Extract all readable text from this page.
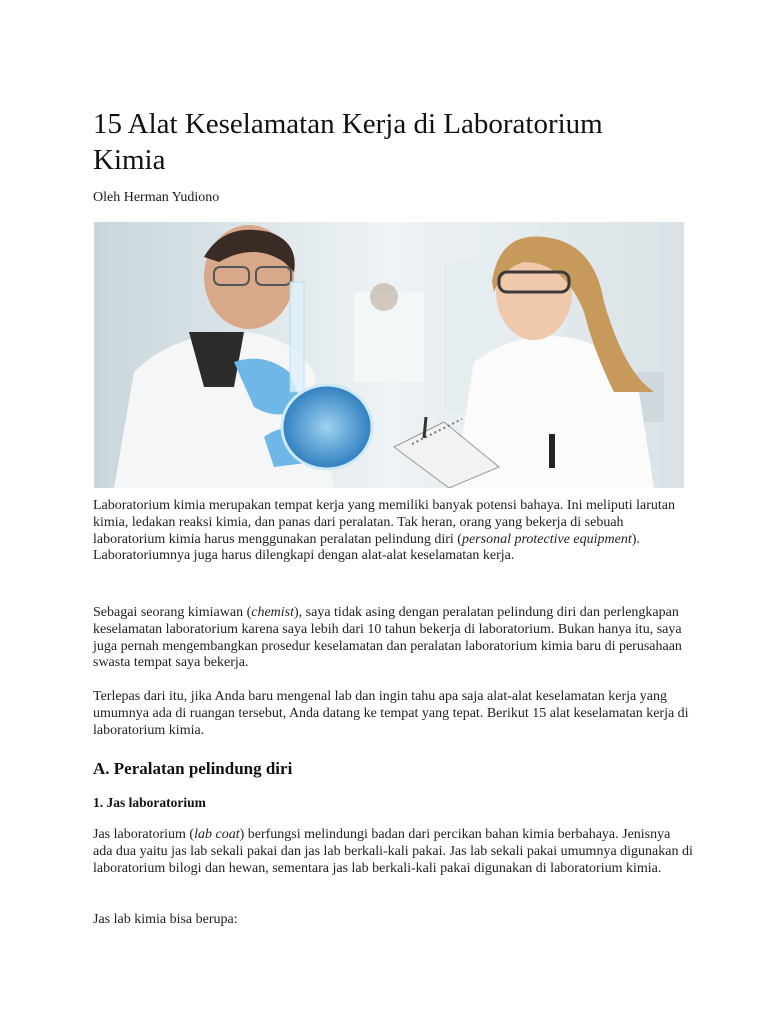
15 Alat Keselamatan Kerja di Laboratorium Kimia

Oleh Herman Yudiono

Laboratorium kimia merupakan tempat kerja yang memiliki banyak potensi bahaya. Ini meliputi larutan kimia, ledakan reaksi kimia, dan panas dari peralatan. Tak heran, orang yang bekerja di sebuah laboratorium kimia harus menggunakan peralatan pelindung diri (personal protective equipment). Laboratoriumnya juga harus dilengkapi dengan alat-alat keselamatan kerja.

Sebagai seorang kimiawan (chemist), saya tidak asing dengan peralatan pelindung diri dan perlengkapan keselamatan laboratorium karena saya lebih dari 10 tahun bekerja di laboratorium. Bukan hanya itu, saya juga pernah mengembangkan prosedur keselamatan dan peralatan laboratorium kimia baru di perusahaan swasta tempat saya bekerja.

Terlepas dari itu, jika Anda baru mengenal lab dan ingin tahu apa saja alat-alat keselamatan kerja yang umumnya ada di ruangan tersebut, Anda datang ke tempat yang tepat. Berikut 15 alat keselamatan kerja di laboratorium kimia.

A. Peralatan pelindung diri
1. Jas laboratorium

Jas laboratorium (lab coat) berfungsi melindungi badan dari percikan bahan kimia berbahaya. Jenisnya ada dua yaitu jas lab sekali pakai dan jas lab berkali-kali pakai. Jas lab sekali pakai umumnya digunakan di laboratorium bilogi dan hewan, sementara jas lab berkali-kali pakai digunakan di laboratorium kimia.

Jas lab kimia bisa berupa:
